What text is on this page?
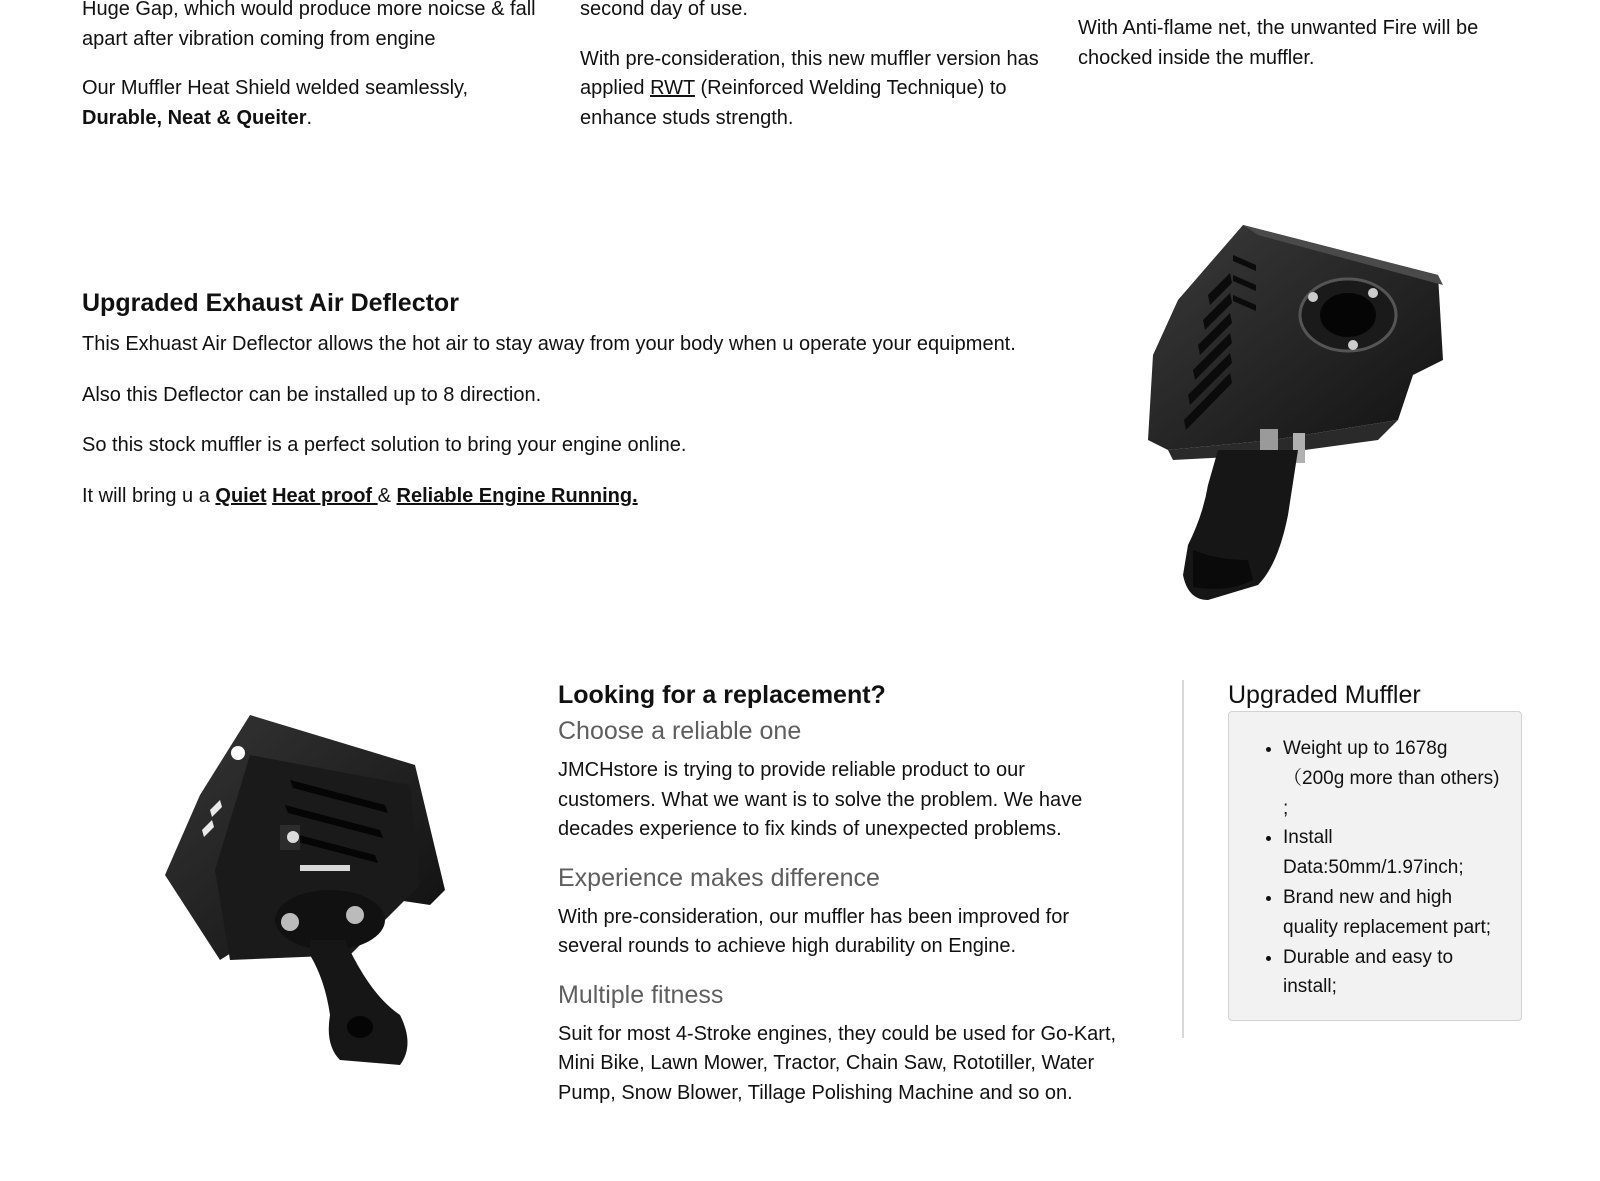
Huge Gap, which would produce more noicse & fall apart after vibration coming from engine

Our Muffler Heat Shield welded seamlessly, Durable, Neat & Queiter.

second day of use.

With pre-consideration, this new muffler version has applied RWT (Reinforced Welding Technique) to enhance studs strength.

With Anti-flame net, the unwanted Fire will be chocked inside the muffler.

Upgraded Exhaust Air Deflector

This Exhuast Air Deflector allows the hot air to stay away from your body when u operate your equipment.

Also this Deflector can be installed up to 8 direction.

So this stock muffler is a perfect solution to bring your engine online.

It will bring u a Quiet Heat proof & Reliable Engine Running.

Looking for a replacement?
Choose a reliable one

JMCHstore is trying to provide reliable product to our customers. What we want is to solve the problem. We have decades experience to fix kinds of unexpected problems.

Experience makes difference

With pre-consideration, our muffler has been improved for several rounds to achieve high durability on Engine.

Multiple fitness

Suit for most 4-Stroke engines, they could be used for Go-Kart, Mini Bike, Lawn Mower, Tractor, Chain Saw, Rototiller, Water Pump, Snow Blower, Tillage Polishing Machine and so on.

Upgraded Muffler
• Weight up to 1678g （200g more than others) ;
• Install Data:50mm/1.97inch;
• Brand new and high quality replacement part;
• Durable and easy to install;
